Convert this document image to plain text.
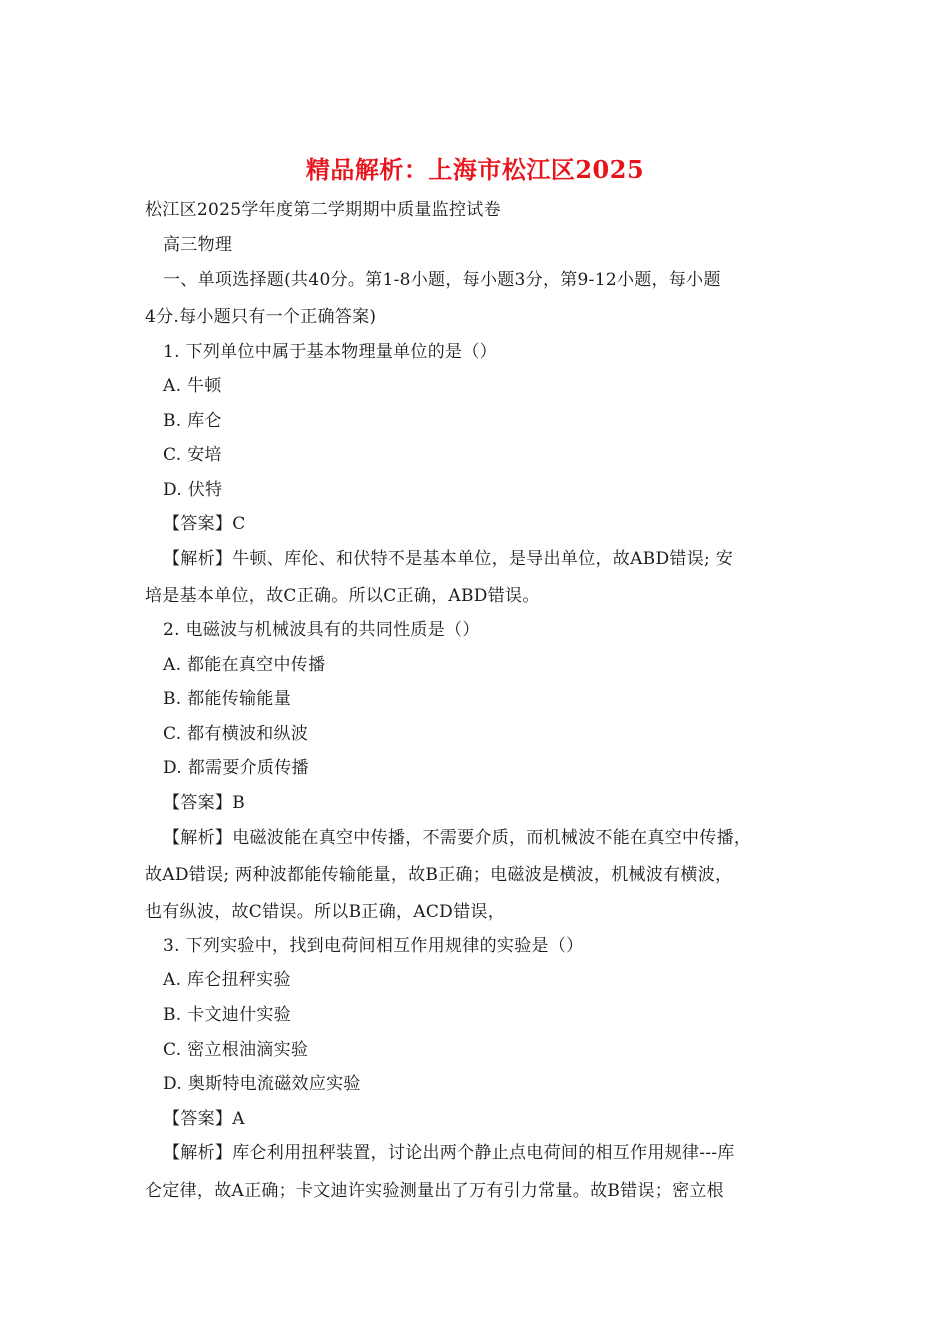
精品解析：上海市松江区2025
松江区2025学年度第二学期期中质量监控试卷
高三物理
一、单项选择题(共40分。第1-8小题，每小题3分，第9-12小题，每小题
4分.每小题只有一个正确答案)
1. 下列单位中属于基本物理量单位的是（）
A. 牛顿
B. 库仑
C. 安培
D. 伏特
【答案】C
【解析】牛顿、库伦、和伏特不是基本单位，是导出单位，故ABD错误; 安
培是基本单位，故C正确。所以C正确，ABD错误。
2. 电磁波与机械波具有的共同性质是（）
A. 都能在真空中传播
B. 都能传输能量
C. 都有横波和纵波
D. 都需要介质传播
【答案】B
【解析】电磁波能在真空中传播，不需要介质，而机械波不能在真空中传播，
故AD错误; 两种波都能传输能量，故B正确；电磁波是横波，机械波有横波，
也有纵波，故C错误。所以B正确，ACD错误，
3. 下列实验中，找到电荷间相互作用规律的实验是（）
A. 库仑扭秤实验
B. 卡文迪什实验
C. 密立根油滴实验
D. 奥斯特电流磁效应实验
【答案】A
【解析】库仑利用扭秤装置，讨论出两个静止点电荷间的相互作用规律---库
仑定律，故A正确；卡文迪许实验测量出了万有引力常量。故B错误；密立根
